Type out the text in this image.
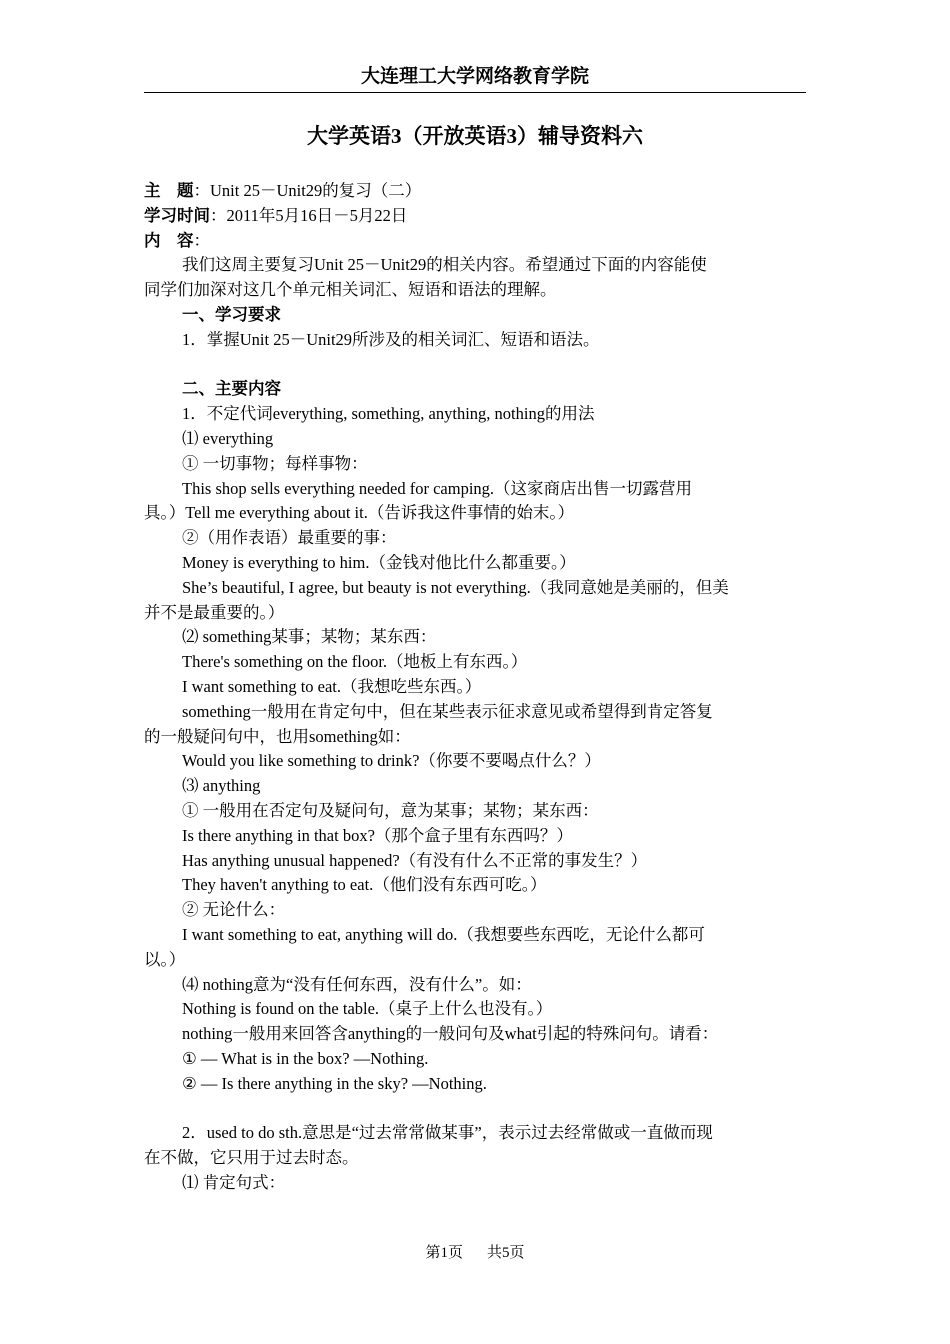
大连理工大学网络教育学院
大学英语3（开放英语3）辅导资料六

主　题：Unit 25－Unit29的复习（二）

学习时间：2011年5月16日－5月22日

内　容：

我们这周主要复习Unit 25－Unit29的相关内容。希望通过下面的内容能使

同学们加深对这几个单元相关词汇、短语和语法的理解。

一、学习要求

1．掌握Unit 25－Unit29所涉及的相关词汇、短语和语法。

二、主要内容

1．不定代词everything, something, anything, nothing的用法

⑴ everything

① 一切事物；每样事物：

This shop sells everything needed for camping.（这家商店出售一切露营用

具。）Tell me everything about it.（告诉我这件事情的始末。）

②（用作表语）最重要的事：

Money is everything to him.（金钱对他比什么都重要。）

She’s beautiful, I agree, but beauty is not everything.（我同意她是美丽的，但美

并不是最重要的。）

⑵ something某事；某物；某东西：

There's something on the floor.（地板上有东西。）

I want something to eat.（我想吃些东西。）

something一般用在肯定句中，但在某些表示征求意见或希望得到肯定答复

的一般疑问句中，也用something如：

Would you like something to drink?（你要不要喝点什么？）

⑶ anything

① 一般用在否定句及疑问句，意为某事；某物；某东西：

Is there anything in that box?（那个盒子里有东西吗？）

Has anything unusual happened?（有没有什么不正常的事发生？）

They haven't anything to eat.（他们没有东西可吃。）

② 无论什么：

I want something to eat, anything will do.（我想要些东西吃，无论什么都可

以。）

⑷ nothing意为“没有任何东西，没有什么”。如：

Nothing is found on the table.（桌子上什么也没有。）

nothing一般用来回答含anything的一般问句及what引起的特殊问句。请看：

① — What is in the box? —Nothing.

② — Is there anything in the sky? —Nothing.

2．used to do sth.意思是“过去常常做某事”，表示过去经常做或一直做而现

在不做，它只用于过去时态。

⑴ 肯定句式：

第1页 共5页
